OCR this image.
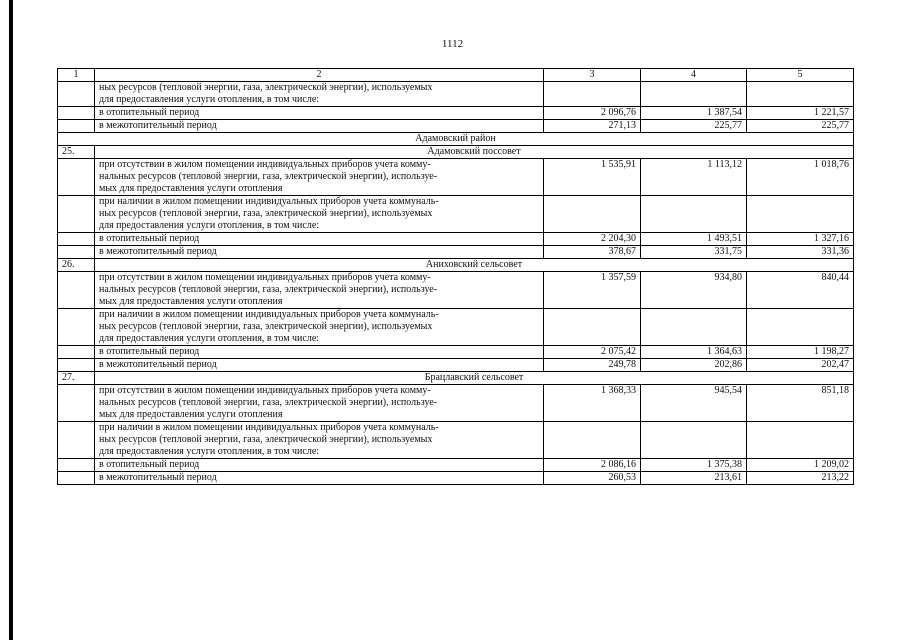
1112
1	2	3	4	5

	ных ресурсов (тепловой энергии, газа, электрической энергии), используемых
для предоставления услуги отопления, в том числе:			

	в отопительный период	2 096,76	1 387,54	1 221,57
	в межотопительный период	271,13	225,77	225,77
Адамовский район				
25.	Адамовский поссовет			

	при отсутствии в жилом помещении индивидуальных приборов учета комму-
нальных ресурсов (тепловой энергии, газа, электрической энергии), используе-
мых для предоставления услуги отопления	1 535,91	1 113,12	1 018,76

	при наличии в жилом помещении индивидуальных приборов учета коммуналь-
ных ресурсов (тепловой энергии, газа, электрической энергии), используемых
для предоставления услуги отопления, в том числе:			

	в отопительный период	2 204,30	1 493,51	1 327,16
	в межотопительный период	378,67	331,75	331,36
26.	Аниховский сельсовет			

	при отсутствии в жилом помещении индивидуальных приборов учета комму-
нальных ресурсов (тепловой энергии, газа, электрической энергии), используе-
мых для предоставления услуги отопления	1 357,59	934,80	840,44

	при наличии в жилом помещении индивидуальных приборов учета коммуналь-
ных ресурсов (тепловой энергии, газа, электрической энергии), используемых
для предоставления услуги отопления, в том числе:			

	в отопительный период	2 075,42	1 364,63	1 198,27
	в межотопительный период	249,78	202,86	202,47
27.	Брацлавский сельсовет			

	при отсутствии в жилом помещении индивидуальных приборов учета комму-
нальных ресурсов (тепловой энергии, газа, электрической энергии), используе-
мых для предоставления услуги отопления	1 368,33	945,54	851,18

	при наличии в жилом помещении индивидуальных приборов учета коммуналь-
ных ресурсов (тепловой энергии, газа, электрической энергии), используемых
для предоставления услуги отопления, в том числе:			

	в отопительный период	2 086,16	1 375,38	1 209,02
	в межотопительный период	260,53	213,61	213,22
